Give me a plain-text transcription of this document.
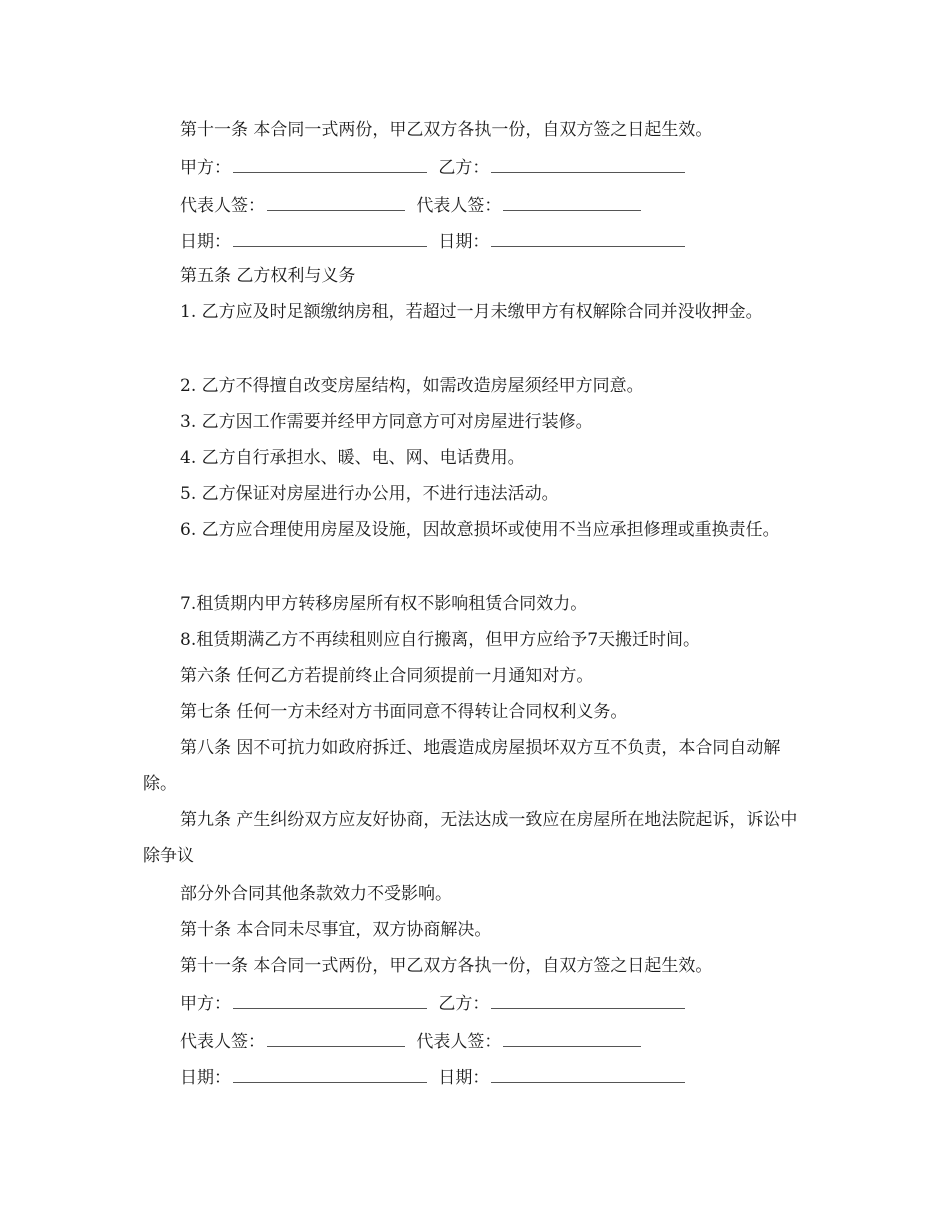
第十一条 本合同一式两份，甲乙双方各执一份，自双方签之日起生效。
甲方：	乙方：
代表人签：	代表人签：
日期：	日期：
第五条 乙方权利与义务
1. 乙方应及时足额缴纳房租，若超过一月未缴甲方有权解除合同并没收押金。
2. 乙方不得擅自改变房屋结构，如需改造房屋须经甲方同意。
3. 乙方因工作需要并经甲方同意方可对房屋进行装修。
4. 乙方自行承担水、暖、电、网、电话费用。
5. 乙方保证对房屋进行办公用，不进行违法活动。
6. 乙方应合理使用房屋及设施，因故意损坏或使用不当应承担修理或重换责任。
7.租赁期内甲方转移房屋所有权不影响租赁合同效力。
8.租赁期满乙方不再续租则应自行搬离，但甲方应给予7天搬迁时间。
第六条 任何乙方若提前终止合同须提前一月通知对方。
第七条 任何一方未经对方书面同意不得转让合同权利义务。
第八条 因不可抗力如政府拆迁、地震造成房屋损坏双方互不负责，本合同自动解除。
第九条 产生纠纷双方应友好协商，无法达成一致应在房屋所在地法院起诉，诉讼中除争议
部分外合同其他条款效力不受影响。
第十条 本合同未尽事宜，双方协商解决。
第十一条 本合同一式两份，甲乙双方各执一份，自双方签之日起生效。
甲方：	乙方：
代表人签：	代表人签：
日期：	日期：
